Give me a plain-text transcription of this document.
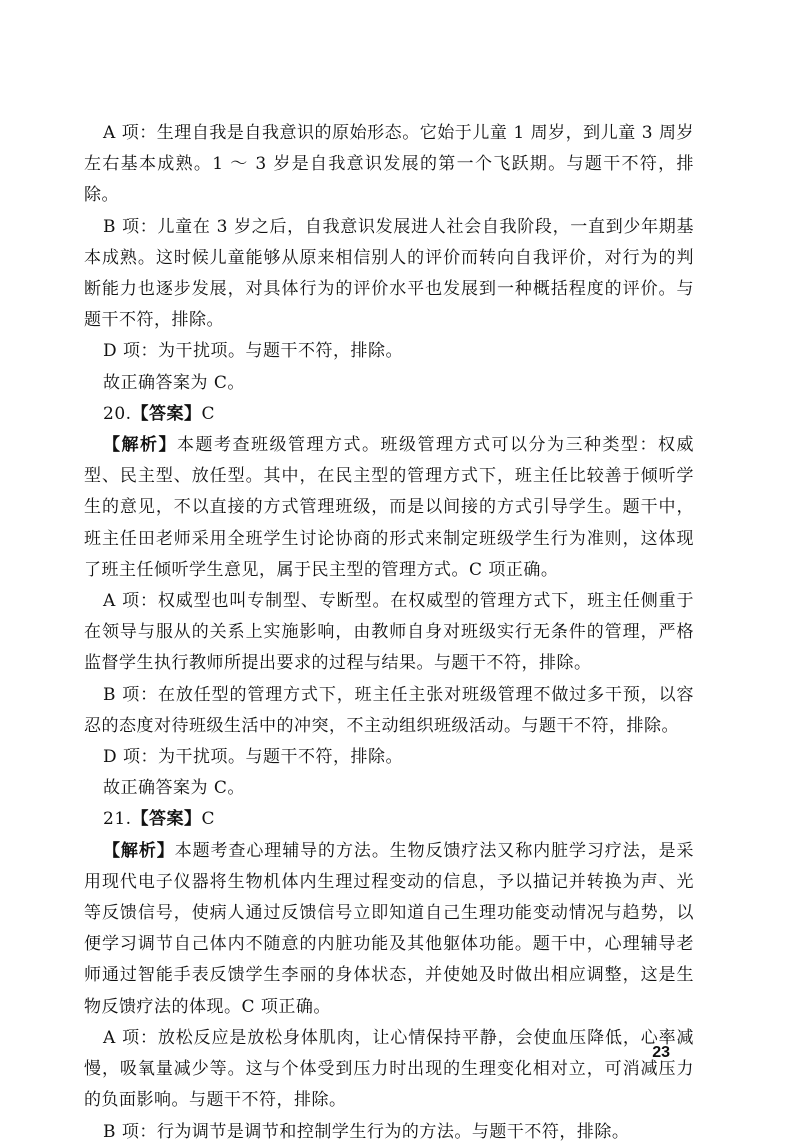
A 项：生理自我是自我意识的原始形态。它始于儿童 1 周岁，到儿童 3 周岁左右基本成熟。1 ～ 3 岁是自我意识发展的第一个飞跃期。与题干不符，排除。

B 项：儿童在 3 岁之后，自我意识发展进人社会自我阶段，一直到少年期基本成熟。这时候儿童能够从原来相信别人的评价而转向自我评价，对行为的判断能力也逐步发展，对具体行为的评价水平也发展到一种概括程度的评价。与题干不符，排除。

D 项：为干扰项。与题干不符，排除。

故正确答案为 C。

20.【答案】C

【解析】本题考查班级管理方式。班级管理方式可以分为三种类型：权威型、民主型、放任型。其中，在民主型的管理方式下，班主任比较善于倾听学生的意见，不以直接的方式管理班级，而是以间接的方式引导学生。题干中，班主任田老师采用全班学生讨论协商的形式来制定班级学生行为准则，这体现了班主任倾听学生意见，属于民主型的管理方式。C 项正确。

A 项：权威型也叫专制型、专断型。在权威型的管理方式下，班主任侧重于在领导与服从的关系上实施影响，由教师自身对班级实行无条件的管理，严格监督学生执行教师所提出要求的过程与结果。与题干不符，排除。

B 项：在放任型的管理方式下，班主任主张对班级管理不做过多干预，以容忍的态度对待班级生活中的冲突，不主动组织班级活动。与题干不符，排除。

D 项：为干扰项。与题干不符，排除。

故正确答案为 C。

21.【答案】C

【解析】本题考查心理辅导的方法。生物反馈疗法又称内脏学习疗法，是采用现代电子仪器将生物机体内生理过程变动的信息，予以描记并转换为声、光等反馈信号，使病人通过反馈信号立即知道自己生理功能变动情况与趋势，以便学习调节自己体内不随意的内脏功能及其他躯体功能。题干中，心理辅导老师通过智能手表反馈学生李丽的身体状态，并使她及时做出相应调整，这是生物反馈疗法的体现。C 项正确。

A 项：放松反应是放松身体肌肉，让心情保持平静，会使血压降低，心率减慢，吸氧量减少等。这与个体受到压力时出现的生理变化相对立，可消减压力的负面影响。与题干不符，排除。

B 项：行为调节是调节和控制学生行为的方法。与题干不符，排除。

23
